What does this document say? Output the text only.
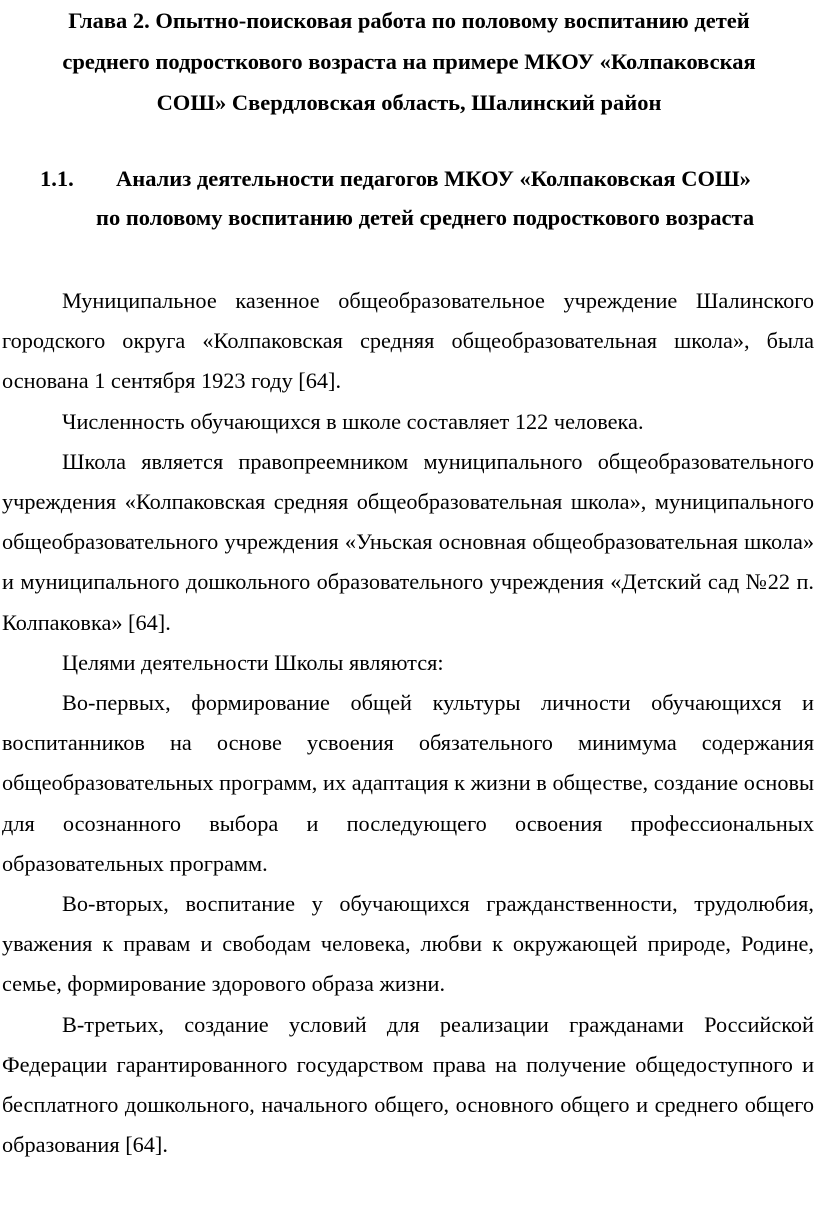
Глава 2. Опытно-поисковая работа по половому воспитанию детей
среднего подросткового возраста на примере МКОУ «Колпаковская
СОШ» Свердловская область, Шалинский район
1.1. Анализ деятельности педагогов МКОУ «Колпаковская СОШ»
по половому воспитанию детей среднего подросткового возраста

Муниципальное казенное общеобразовательное учреждение Шалинского городского округа «Колпаковская средняя общеобразовательная школа», была основана 1 сентября 1923 году [64].

Численность обучающихся в школе составляет 122 человека.

Школа является правопреемником муниципального общеобразовательного учреждения «Колпаковская средняя общеобразовательная школа», муниципального общеобразовательного учреждения «Уньская основная общеобразовательная школа» и муниципального дошкольного образовательного учреждения «Детский сад №22 п. Колпаковка» [64].

Целями деятельности Школы являются:

Во-первых, формирование общей культуры личности обучающихся и воспитанников на основе усвоения обязательного минимума содержания общеобразовательных программ, их адаптация к жизни в обществе, создание основы для осознанного выбора и последующего освоения профессиональных образовательных программ.

Во-вторых, воспитание у обучающихся гражданственности, трудолюбия, уважения к правам и свободам человека, любви к окружающей природе, Родине, семье, формирование здорового образа жизни.

В-третьих, создание условий для реализации гражданами Российской Федерации гарантированного государством права на получение общедоступного и бесплатного дошкольного, начального общего, основного общего и среднего общего образования [64].
